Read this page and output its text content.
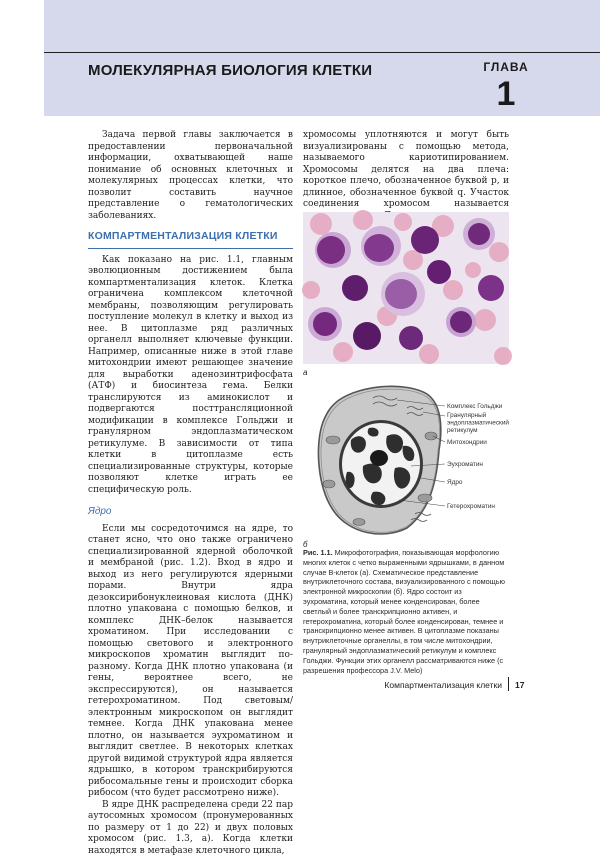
МОЛЕКУЛЯРНАЯ БИОЛОГИЯ КЛЕТКИ	ГЛАВА
1

Задача первой главы заключается в предоставлении первоначальной информации, охватывающей наше понимание об основных клеточных и молекулярных процессах клетки, что позволит составить научное представление о гематологических заболеваниях.

КОМПАРТМЕНТАЛИЗАЦИЯ КЛЕТКИ

Как показано на рис. 1.1, главным эволюционным достижением была компартментализация клеток. Клетка ограничена комплексом клеточной мембраны, позволяющим регулировать поступление молекул в клетку и выход из нее. В цитоплазме ряд различных органелл выполняет ключевые функции. Например, описанные ниже в этой главе митохондрии имеют решающее значение для выработки аденозинтрифосфата (АТФ) и биосинтеза гема. Белки транслируются из аминокислот и подвергаются посттрансляционной модификации в комплексе Гольджи и гранулярном эндоплазматическом ретикулуме. В зависимости от типа клетки в цитоплазме есть специализированные структуры, которые позволяют клетке играть ее специфическую роль.

Ядро

Если мы сосредоточимся на ядре, то станет ясно, что оно также ограничено специализированной ядерной оболочкой и мембраной (рис. 1.2). Вход в ядро и выход из него регулируются ядерными порами. Внутри ядра дезоксирибонуклеиновая кислота (ДНК) плотно упакована с помощью белков, и комплекс ДНК–белок называется хроматином. При исследовании с помощью светового и электронного микроскопов хроматин выглядит по-разному. Когда ДНК плотно упакована (и гены, вероятнее всего, не экспрессируются), он называется гетерохроматином. Под световым/электронным микроскопом он выглядит темнее. Когда ДНК упакована менее плотно, он называется эухроматином и выглядит светлее. В некоторых клетках другой видимой структурой ядра является ядрышко, в котором транскрибируются рибосомальные гены и происходит сборка рибосом (что будет рассмотрено ниже).

В ядре ДНК распределена среди 22 пар аутосомных хромосом (пронумерованных по размеру от 1 до 22) и двух половых хромосом (рис. 1.3, а). Когда клетки находятся в метафазе клеточного цикла,

хромосомы уплотняются и могут быть визуализированы с помощью метода, называемого кариотипированием. Хромосомы делятся на два плеча: короткое плечо, обозначенное буквой p, и длинное, обозначенное буквой q. Участок соединения хромосом называется

а
Комплекс Гольджи
Гранулярный эндоплазматический ретикулум
Митохондрии
Эухроматин
Ядро
Гетерохроматин
б
Рис. 1.1. Микрофотография, показывающая морфологию многих клеток с четко выраженными ядрышками, в данном случае В-клеток (а). Схематическое представление внутриклеточного состава, визуализированного с помощью электронной микроскопии (б). Ядро состоит из эухроматина, который менее конденсирован, более светлый и более транскрипционно активен, и гетерохроматина, который более конденсирован, темнее и транскрипционно менее активен. В цитоплазме показаны внутриклеточные органеллы, в том числе митохондрии, гранулярный эндоплазматический ретикулум и комплекс Гольджи. Функции этих органелл рассматриваются ниже (с разрешения профессора J.V. Melo)
Компартментализация клетки 17
